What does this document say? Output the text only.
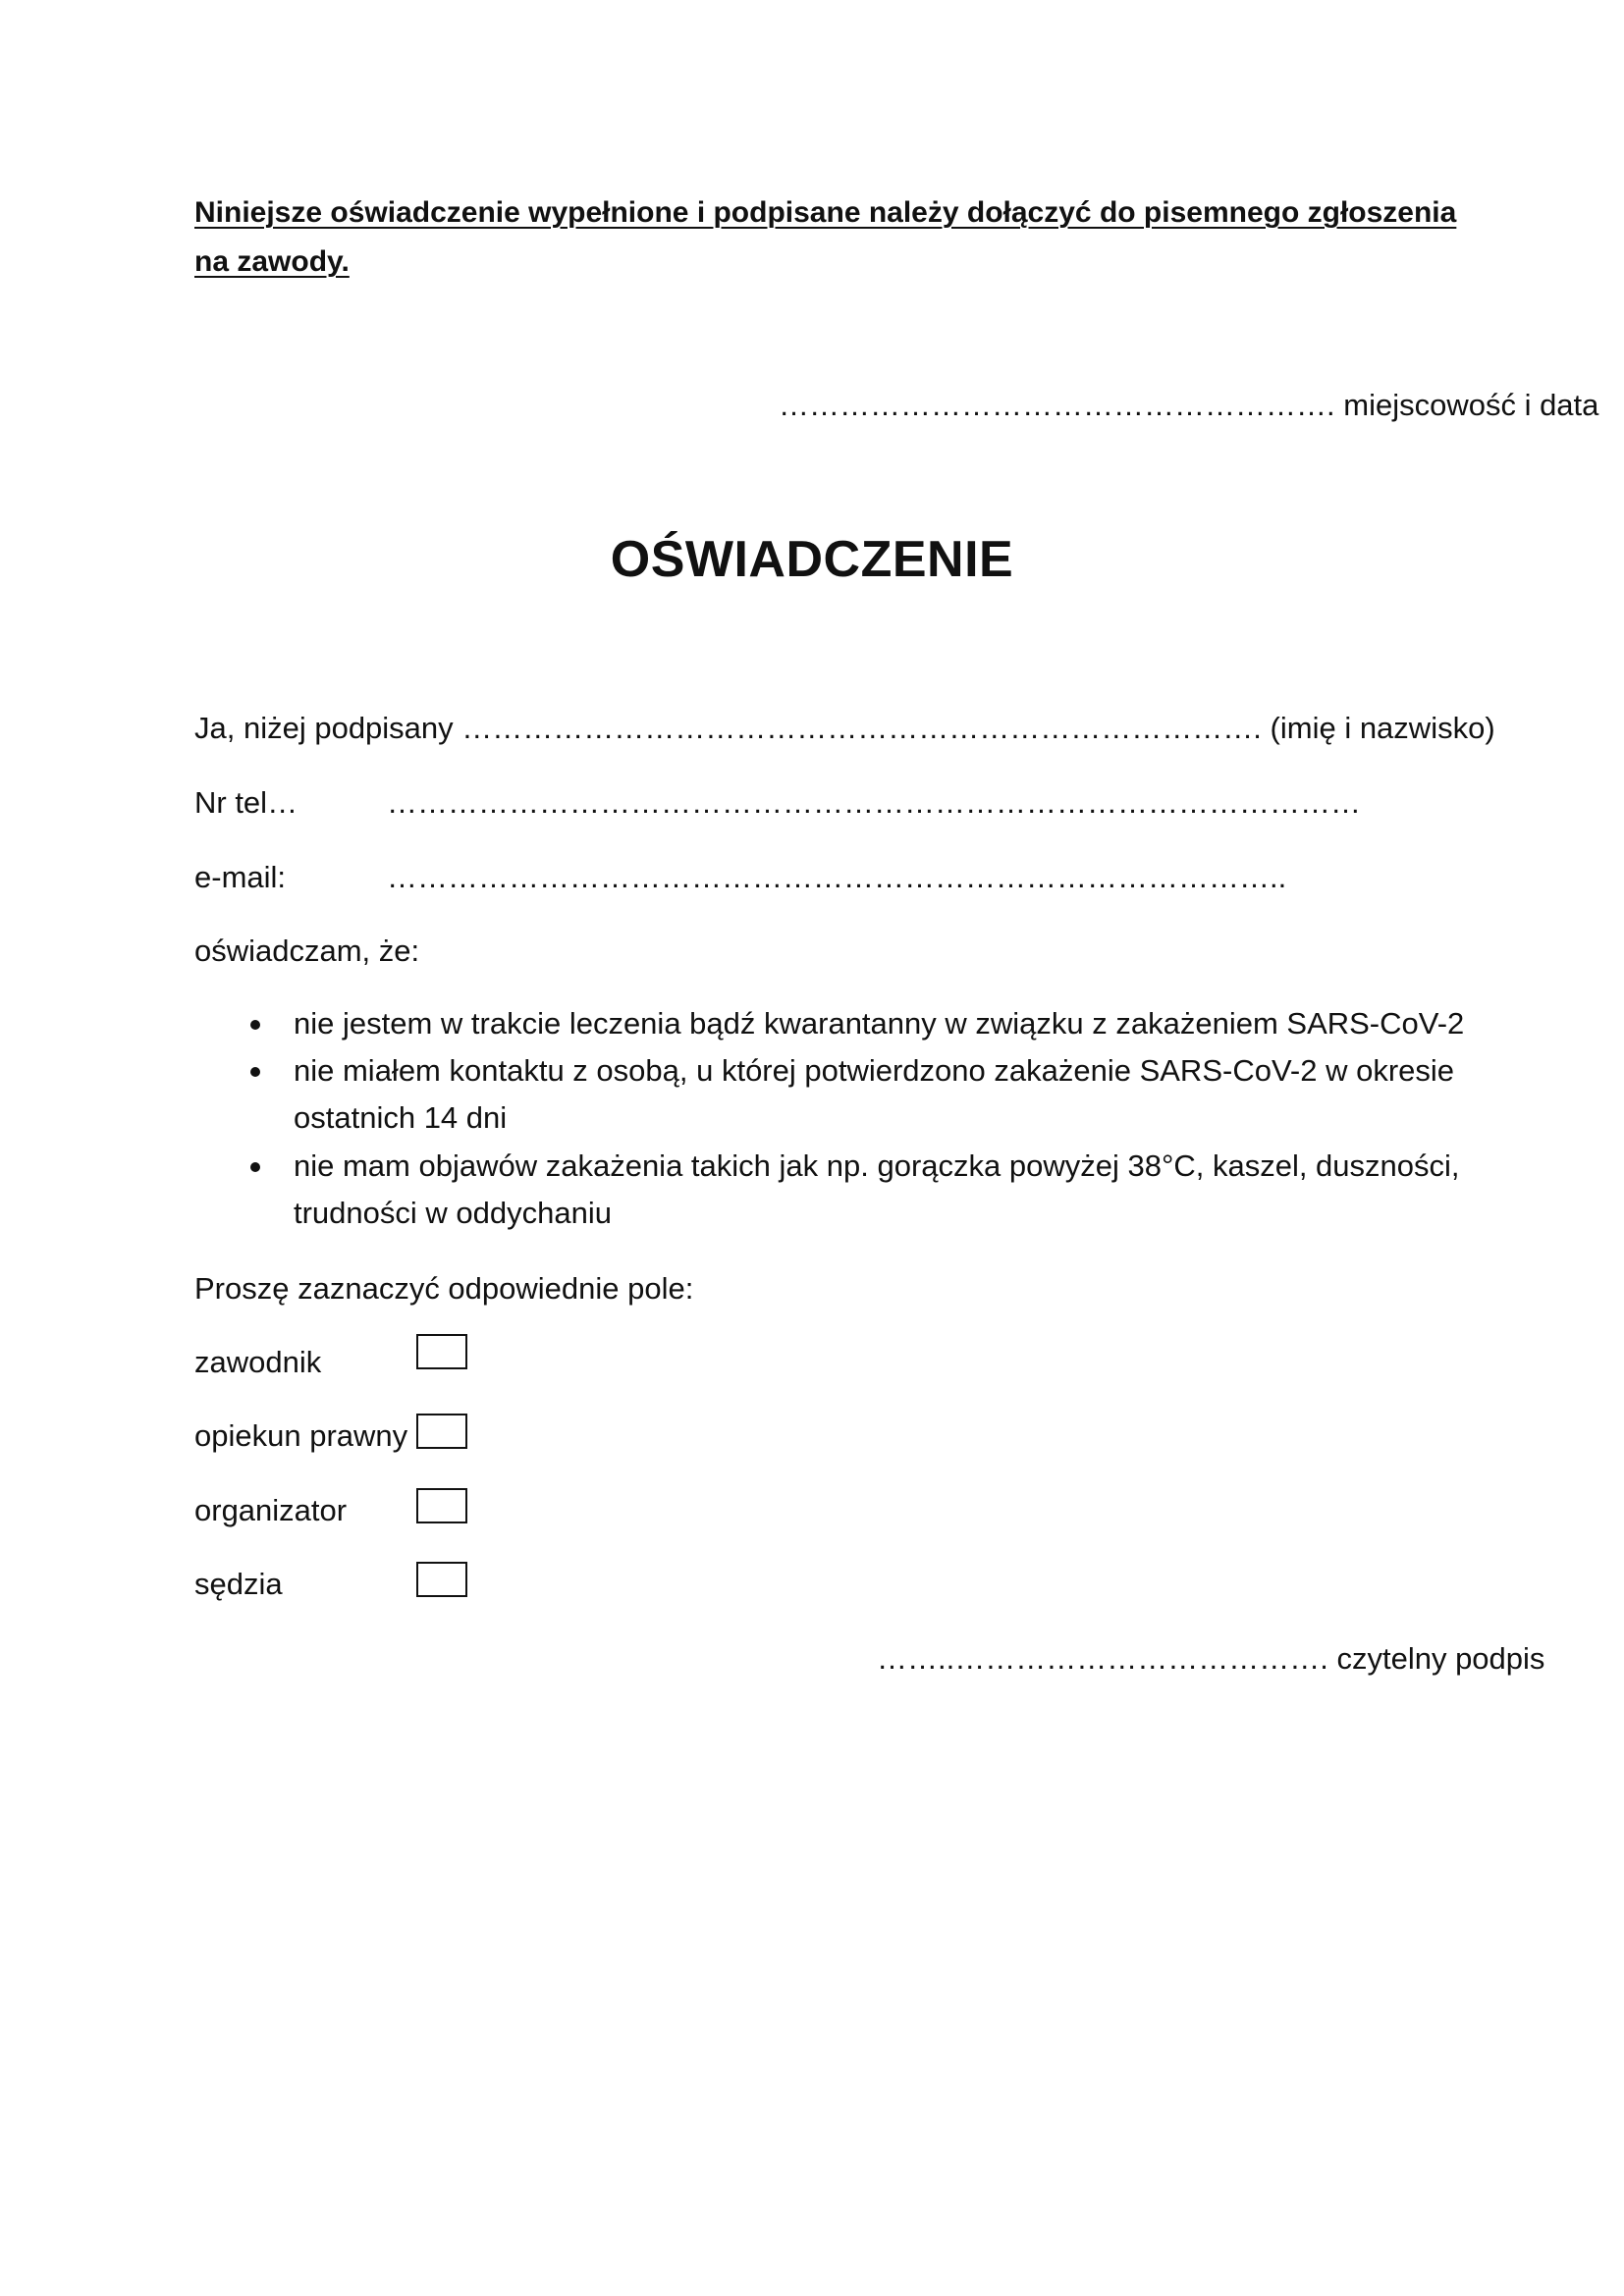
Niniejsze oświadczenie wypełnione i podpisane należy dołączyć do pisemnego zgłoszenia
na zawody.
………………………………………………. miejscowość i data
OŚWIADCZENIE
Ja, niżej podpisany ……………………………………………………………………. (imię i nazwisko)
Nr tel…	……………………………………………………………………………………
e-mail:	……………………………………………………………………………..
oświadczam, że:
nie jestem w trakcie leczenia bądź kwarantanny w związku z zakażeniem SARS-CoV-2
nie miałem kontaktu z osobą, u której potwierdzono zakażenie SARS-CoV-2 w okresie
ostatnich 14 dni
nie mam objawów zakażenia takich jak np. gorączka powyżej 38°C, kaszel, duszności,
trudności w oddychaniu
Proszę zaznaczyć odpowiednie pole:
zawodnik
opiekun prawny
organizator
sędzia
……..………………………………. czytelny podpis
